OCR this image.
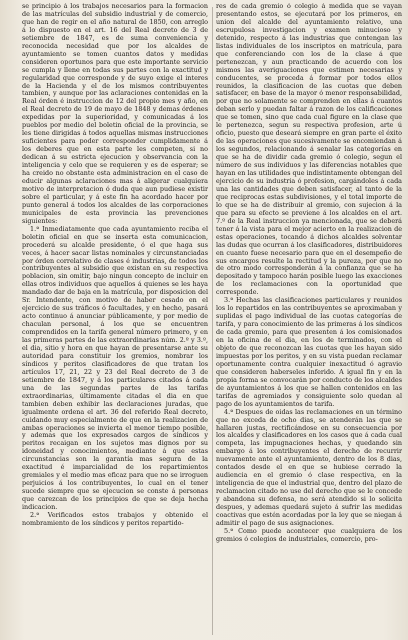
se principio á los trabajos necesarios para la formacion de las matrículas del subsidio industrial y de comercio, que han de regir en el año natural de 1850, con arreglo á lo dispuesto en el art. 16 del Real decreto de 3 de setiembre de 1847, es de suma conveniencia y reconocida necesidad que por los alcaldes de ayuntamiento se tomen cuantos datos y medidas consideren oportunos para que este importante servicio se cumpla y llene en todas sus partes con la exactitud y regularidad que corresponde y de suyo exige el interes de la Hacienda y el de los mismos contribuyentes tambien, y aunque por las aclaraciones contenidas en la Real órden é instruccion de 12 del propio mes y año, en el Real decreto de 19 de mayo de 1848 y demas órdenes expedidas por la superioridad, y comunicadas á los pueblos por medio del boletin oficial de la provincia, se les tiene dirigidas á todos aquellas mismas instrucciones suficientes para poder corresponder cumplidamente á los deberes que en esta parte les competen, si no dedican á su estricta ejecucion y observancia con la inteligencia y celo que se requieren y es de esperar; se ha creido no obstante esta administracion en el caso de educir algunas aclaraciones mas á aligerar cualquiera motivo de interpretacion ó duda que aun pudiese existir sobre el particular, y á este fin ha acordado hacer por punto general á todos los alcaldes de las corporaciones municipales de esta provincia las prevenciones siguientes:

1.ª Inmediatamente que cada ayuntamiento reciba el boletin oficial en que se inserta esta comunicacion, procederá su alcalde presidente, ó el que haga sus veces, á hacer sacar listas nominales y circunstanciadas por órden correlativo de clases é industrias, de todos los contribuyentes al subsidio que existan en su respectiva poblacion, sin omitir, bajo ningun concepto de incluir en ellas otros individuos que aquellos á quienes se les haya mandado dar de baja en la matrícula, por disposicion del Sr. Intendente, con motivo de haber cesado en el ejercicio de sus tráficos ó facultades, y en hecho, pasará acto continuo á anunciar públicamente, y por medio de chaculan personal, á los que se encuentren comprendidos en la tarifa general número primero, y en las primeras partes de las extraordinarias núm. 2.º y 3.º, el dia, sitio y hora en que hayan de presentarse ante su autoridad para constituir los gremios, nombrar los síndicos y peritos clasificadores de que tratan los artículos 17, 21, 22 y 23 del Real decreto de 3 de setiembre de 1847, y á los particulares citados á cada una de las segundas partes de las tarifas extraordinarias, últimamente citadas el dia en que tambien deben exhibir las declaraciones juradas, que igualmente ordena el art. 36 del referido Real decreto, cuidando muy especialmente de que en la realizacion de ambas operaciones se invierta el menor tiempo posible, y ademas que los expresados cargos de síndicos y peritos recaigan en los sujetos mas dignos por su idoneidad y conocimientos, mediante á que estas circunstancias son la garantía mas segura de la exactitud é imparcialidad de los repartimientos gremiales y el medio mas eficaz para que no se irroguen perjuicios á los contribuyentes, lo cual en el tener sucede siempre que se ejecucion se conste á personas que carezcan de los principios de que se deja hecha indicacion.

2.ª Verificados estos trabajos y obtenido el nombramiento de los síndicos y peritos repartido-

res de cada gremio ó colegio á medida que se vayan presentando estos, se ejecutará por los primeros, en union del alcalde del ayuntamiento relativo, una escrupulosa investigacion y examen minucioso y detenido, respecto á las industrias que contengan las listas individuales de los inscriptos en matrícula, para que conferenciando con los de la clase á que pertenezcan, y aun practicando de acuerdo con los mismos las averiguaciones que estimen necesarias y conducentes, se proceda á formar por todos ellos reunidos, la clasificacion de las cuotas que deben satisfacer, en base de la mayor ó menor responsabilidad, por que no solamente se comprenden en ellas á cuantos deban serlo y puedan faltar á razon de los calificaciones que se tomen, sino que cada cual figure en la clase que le pertenezca, segun su respectiva profesion, arte ú oficio, puesto que deseará siempre en gran parte el éxito de las operaciones que sucesivamente se encomiendan á los segundos, relacionando á senalar las categorías en que se ha de dividir cada gremio ó colegio, segun el número de sus individuos y las diferencias notables que hayan en las utilidades que indistintamente obtengan del ejercicio de su industria ó profesion, cargándoles á cada una las cantidades que deben satisfacer, al tanto de la que reciprocas estas subdivisiones, y el total importe de lo que se ha de distribuir al gremio, con sujecion á la que para su efecto se previene á los alcaldes en el art. 7.º de la Real instruccion ya mencionada, que se deberá tener á la vista para el mejor acierto en la realizacion de estas operaciones, tocando á dichos alcaldes solventar las dudas que ocurran á los clasificadores, distribuidores en cuanto fuese necesario para que en el desempeño de sus encargos resulte la rectitud y la pureza, por que no de otro modo corresponderán á la confianza que se ha depositado y tampoco harán posible luego las exacciones de los reclamaciones con la oportunidad que corresponde.

3.ª Hechas las clasificaciones particulares y reunidos los lo repartidos en las contribuyentes se aproximaban y suplidas el pago individual de las cuotas categorías de tarifa, y para conocimiento de las primeras á los síndicos de cada gremio, para que presenten á los comisionados en la oficina de el dia, en los de terminados, con el objeto de que reconozcan las cuotas que les hayan sido impuestas por los peritos, y en su vista puedan reclamar oportunamente contra cualquier inexactitud ó agravio que consideren haberseles inferido. A igual fin y en la propia forma se convocarán por conducto de los alcaldes de ayuntamientos á los que se hallen contenidos en las tarifas de agremiados y consiguiente solo quedan al pago de los ayuntamientos de tarifa.

4.ª Despues de oidas las reclamaciones en un término que no exceda de ocho dias, se atenderán las que se hallaren justas, rectificándose en su consecuencia por los alcaldes y clasificadores en los casos que á cada cual competa, las impugnaciones hechas, y quedando sin embargo á los contribuyentes el derecho de recurrir nuevamente ante el ayuntamiento, dentro de los 8 dias, contados desde el en que se hubiese cerrado la audiencia en el gremio ó clase respectiva, en la inteligencia de que el industrial que, dentro del plazo de reclamacion citado no use del derecho que se le concede y abandona su defensa, no será atendido si lo solicita despues, y ademas quedará sujeto á sufrir las medidas coactivas que estén acordadas por la ley que se niegan á admitir el pago de sus asignaciones.

5.ª Como puede acontecer que cualquiera de los gremios ó colegios de industriales, comercio, pro-
